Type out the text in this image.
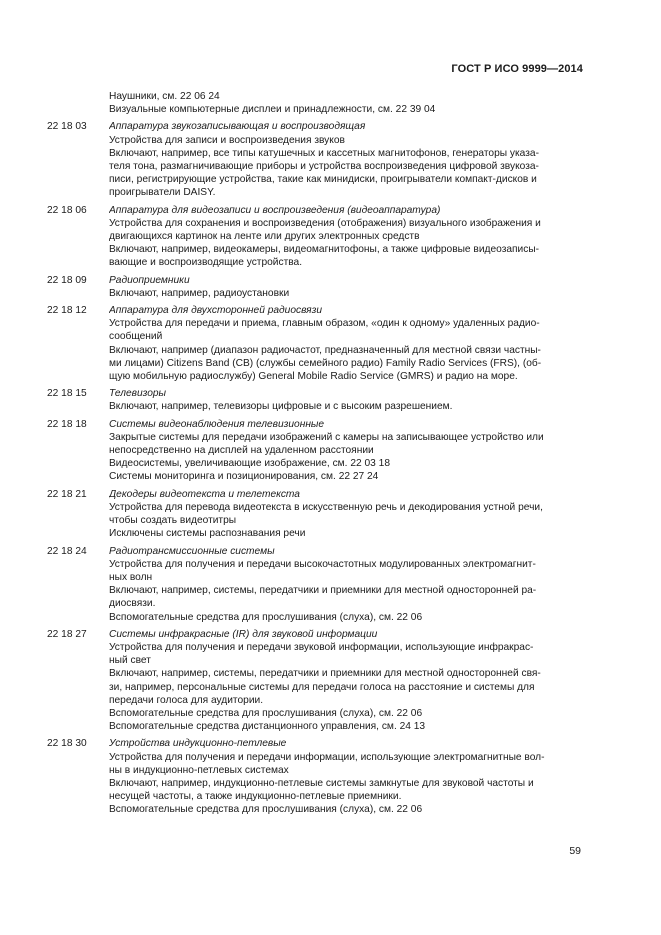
ГОСТ Р ИСО 9999—2014
Наушники, см. 22 06 24
Визуальные компьютерные дисплеи и принадлежности, см. 22 39 04
22 18 03	Аппаратура звукозаписывающая и воспроизводящая
Устройства для записи и воспроизведения звуков
Включают, например, все типы катушечных и кассетных магнитофонов, генераторы указа-
теля тона, размагничивающие приборы и устройства воспроизведения цифровой звукоза-
писи, регистрирующие устройства, такие как минидиски, проигрыватели компакт-дисков и
проигрыватели DAISY.
22 18 06	Аппаратура для видеозаписи и воспроизведения (видеоаппаратура)
Устройства для сохранения и воспроизведения (отображения) визуального изображения и
двигающихся картинок на ленте или других электронных средств
Включают, например, видеокамеры, видеомагнитофоны, а также цифровые видеозаписы-
вающие и воспроизводящие устройства.
22 18 09	Радиоприемники
Включают, например, радиоустановки
22 18 12	Аппаратура для двухсторонней радиосвязи
Устройства для передачи и приема, главным образом, «один к одному» удаленных радио-
сообщений
Включают, например (диапазон радиочастот, предназначенный для местной связи частны-
ми лицами) Citizens Band (CB) (службы семейного радио) Family Radio Services (FRS), (об-
щую мобильную радиослужбу) General Mobile Radio Service (GMRS) и радио на море.
22 18 15	Телевизоры
Включают, например, телевизоры цифровые и с высоким разрешением.
22 18 18	Системы видеонаблюдения телевизионные
Закрытые системы для передачи изображений с камеры на записывающее устройство или
непосредственно на дисплей на удаленном расстоянии
Видеосистемы, увеличивающие изображение, см. 22 03 18
Системы мониторинга и позиционирования, см. 22 27 24
22 18 21	Декодеры видеотекста и телетекста
Устройства для перевода видеотекста в искусственную речь и декодирования устной речи,
чтобы создать видеотитры
Исключены системы распознавания речи
22 18 24	Радиотрансмиссионные системы
Устройства для получения и передачи высокочастотных модулированных электромагнит-
ных волн
Включают, например, системы, передатчики и приемники для местной односторонней ра-
диосвязи.
Вспомогательные средства для прослушивания (слуха), см. 22 06
22 18 27	Системы инфракрасные (IR) для звуковой информации
Устройства для получения и передачи звуковой информации, использующие инфракрас-
ный свет
Включают, например, системы, передатчики и приемники для местной односторонней свя-
зи, например, персональные системы для передачи голоса на расстояние и системы для
передачи голоса для аудитории.
Вспомогательные средства для прослушивания (слуха), см. 22 06
Вспомогательные средства дистанционного управления, см. 24 13
22 18 30	Устройства индукционно-петлевые
Устройства для получения и передачи информации, использующие электромагнитные вол-
ны в индукционно-петлевых системах
Включают, например, индукционно-петлевые системы замкнутые для звуковой частоты и
несущей частоты, а также индукционно-петлевые приемники.
Вспомогательные средства для прослушивания (слуха), см. 22 06
59
